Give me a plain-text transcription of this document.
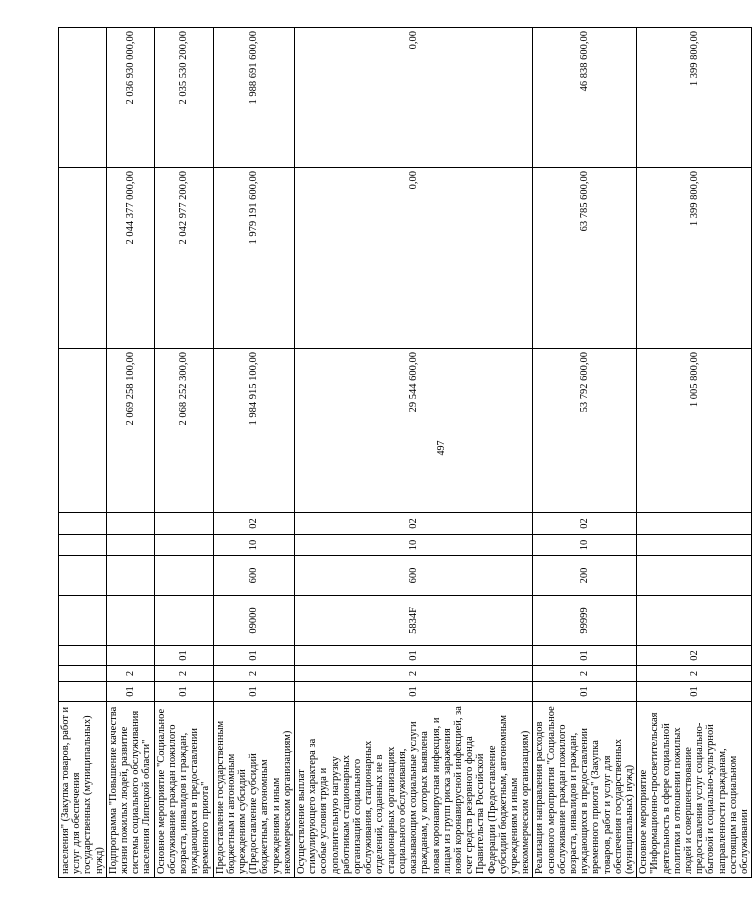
497
населения" (Закупка товаров, работ и услуг для обеспечения государственных (муниципальных) нужд)										
Подпрограмма "Повышение качества жизни пожилых людей, развитие системы социального обслуживания населения Липецкой области"	01	2						2 069 258 100,00	2 044 377 000,00	2 036 930 000,00
Основное мероприятие "Социальное обслуживание граждан пожилого возраста, инвалидов и граждан, нуждающихся в предоставлении временного приюта"	01	2	01					2 068 252 300,00	2 042 977 200,00	2 035 530 200,00
Предоставление государственным бюджетным и автономным учреждениям субсидий (Предоставление субсидий бюджетным, автономным учреждениям и иным некоммерческим организациям)	01	2	01	09000	600	10	02	1 984 915 100,00	1 979 191 600,00	1 988 691 600,00
Осуществление выплат стимулирующего характера за особые условия труда и дополнительную нагрузку работникам стационарных организаций социального обслуживания, стационарных отделений, созданных не в стационарных организациях социального обслуживания, оказывающим социальные услуги гражданам, у которых выявлена новая коронавирусная инфекция, и лицам из групп риска заражения новой коронавирусной инфекцией, за счет средств резервного фонда Правительства Российской Федерации (Предоставление субсидий бюджетным, автономным учреждениям и иным некоммерческим организациям)	01	2	01	5834F	600	10	02	29 544 600,00	0,00	0,00
Реализация направления расходов основного мероприятия "Социальное обслуживание граждан пожилого возраста, инвалидов и граждан, нуждающихся в предоставлении временного приюта" (Закупка товаров, работ и услуг для обеспечения государственных (муниципальных) нужд)	01	2	01	99999	200	10	02	53 792 600,00	63 785 600,00	46 838 600,00
Основное мероприятие "Информационно-просветительская деятельность в сфере социальной политики в отношении пожилых людей и совершенствование предоставления услуг социально-бытовой и социально-культурной направленности гражданам, состоящим на социальном обслуживании	01	2	02					1 005 800,00	1 399 800,00	1 399 800,00
